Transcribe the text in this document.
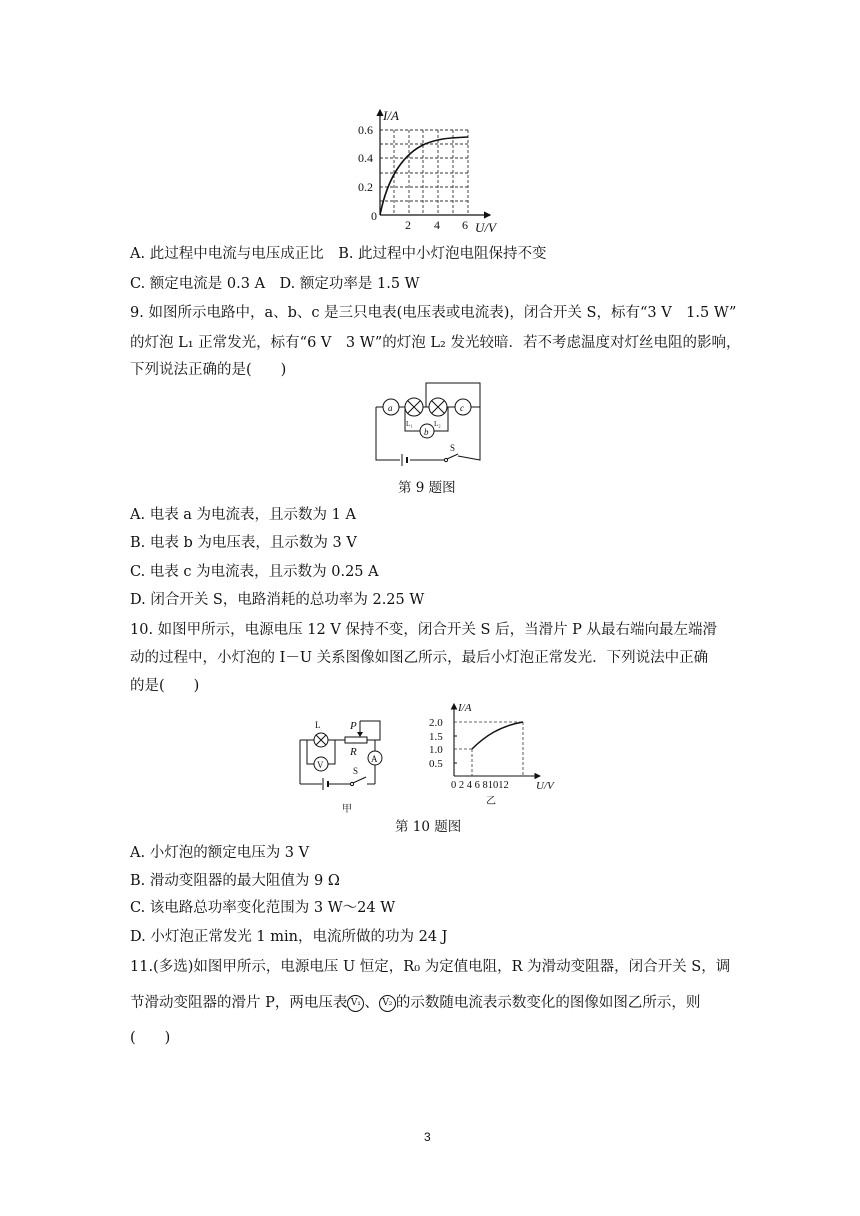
I/A
U/V
0
0.6
0.4
0.2
2 4 6
A. 此过程中电流与电压成正比　B. 此过程中小灯泡电阻保持不变
C. 额定电流是 0.3 A　D. 额定功率是 1.5 W
9. 如图所示电路中，a、b、c 是三只电表(电压表或电流表)，闭合开关 S，标有“3 V　1.5 W”
的灯泡 L₁ 正常发光，标有“6 V　3 W”的灯泡 L₂ 发光较暗．若不考虑温度对灯丝电阻的影响，
下列说法正确的是(　　)
a	c
b
L₁	L₂
S
第 9 题图
A. 电表 a 为电流表，且示数为 1 A
B. 电表 b 为电压表，且示数为 3 V
C. 电表 c 为电流表，且示数为 0.25 A
D. 闭合开关 S，电路消耗的总功率为 2.25 W
10. 如图甲所示，电源电压 12 V 保持不变，闭合开关 S 后，当滑片 P 从最右端向最左端滑
动的过程中，小灯泡的 I－U 关系图像如图乙所示，最后小灯泡正常发光．下列说法中正确
的是(　　)
L	P
R
A
V
S
甲
I/A
U/V
2.0
1.5
1.0
0.5
0 2 4 6 81012
乙
第 10 题图
A. 小灯泡的额定电压为 3 V
B. 滑动变阻器的最大阻值为 9 Ω
C. 该电路总功率变化范围为 3 W～24 W
D. 小灯泡正常发光 1 min，电流所做的功为 24 J
11.(多选)如图甲所示，电源电压 U 恒定，R₀ 为定值电阻，R 为滑动变阻器，闭合开关 S，调
节滑动变阻器的滑片 P，两电压表 V₁ 、 V₂ 的示数随电流表示数变化的图像如图乙所示，则
(　　)
3
